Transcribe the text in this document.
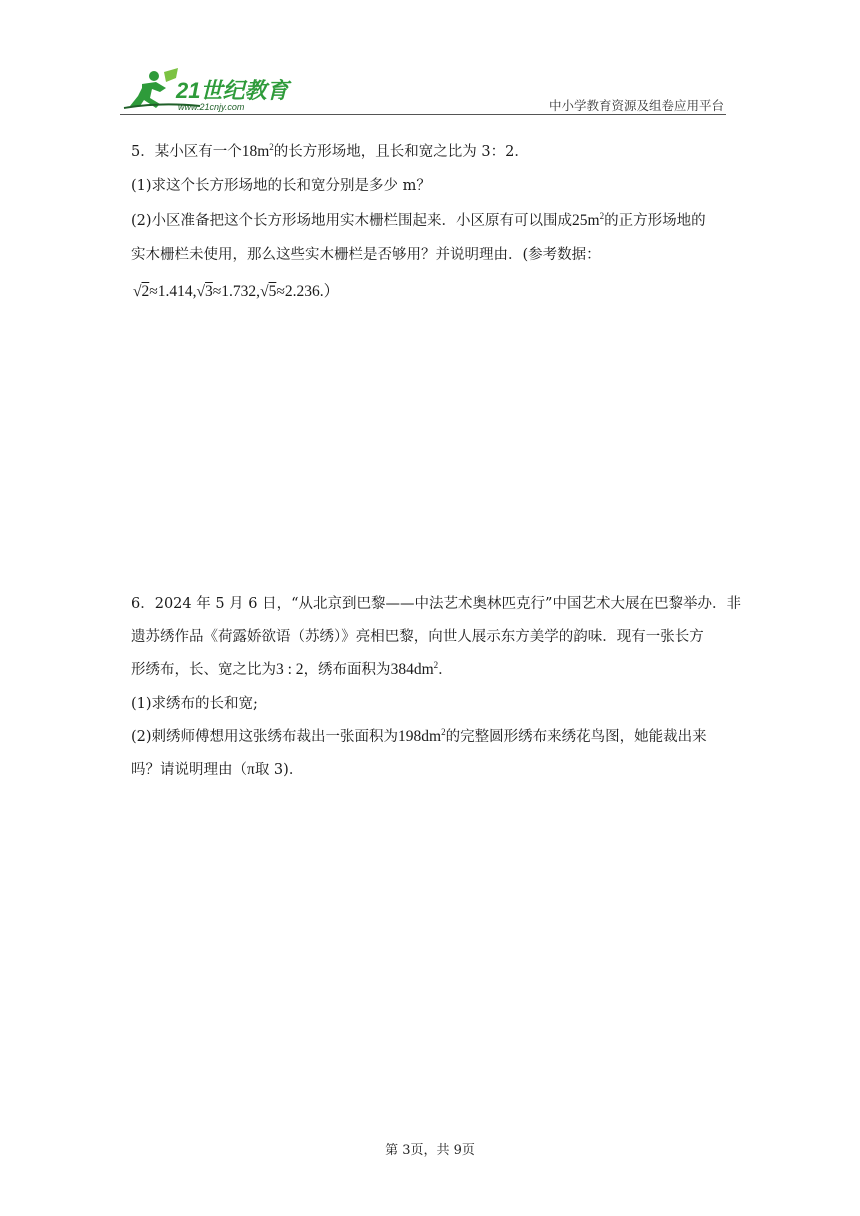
21世纪教育
www.21cnjy.com	中小学教育资源及组卷应用平台
5．某小区有一个$18m^2$的长方形场地，且长和宽之比为 3：2．
(1)求这个长方形场地的长和宽分别是多少 m？
(2)小区准备把这个长方形场地用实木栅栏围起来．小区原有可以围成$25m^2$的正方形场地的
实木栅栏未使用，那么这些实木栅栏是否够用？并说明理由．(参考数据：
√2≈1.414,√3≈1.732,√5≈2.236.）
6．2024 年 5 月 6 日，“从北京到巴黎——中法艺术奥林匹克行”中国艺术大展在巴黎举办．非
遗苏绣作品《荷露娇欲语（苏绣）》亮相巴黎，向世人展示东方美学的韵味．现有一张长方
形绣布，长、宽之比为3 : 2，绣布面积为$384dm^2$．
(1)求绣布的长和宽;
(2)刺绣师傅想用这张绣布裁出一张面积为$198dm^2$的完整圆形绣布来绣花鸟图，她能裁出来
吗？请说明理由（π取 3)．
第 3页，共 9页
